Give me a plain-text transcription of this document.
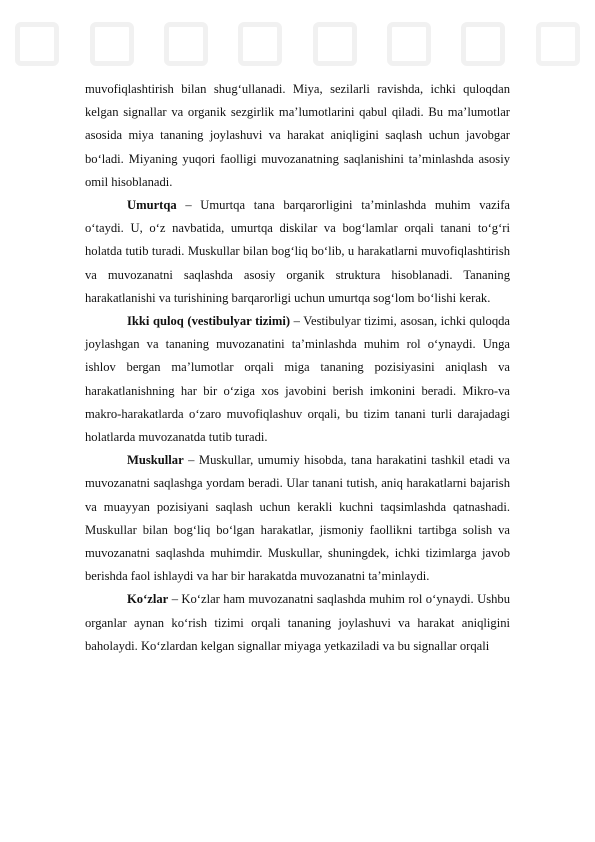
muvofiqlashtirish bilan shug‘ullanadi. Miya, sezilarli ravishda, ichki quloqdan kelgan signallar va organik sezgirlik ma’lumotlarini qabul qiladi. Bu ma’lumotlar asosida miya tananing joylashuvi va harakat aniqligini saqlash uchun javobgar bo‘ladi. Miyaning yuqori faolligi muvozanatning saqlanishini ta’minlashda asosiy omil hisoblanadi.

Umurtqa – Umurtqa tana barqarorligini ta’minlashda muhim vazifa o‘taydi. U, o‘z navbatida, umurtqa diskilar va bog‘lamlar orqali tanani to‘g‘ri holatda tutib turadi. Muskullar bilan bog‘liq bo‘lib, u harakatlarni muvofiqlashtirish va muvozanatni saqlashda asosiy organik struktura hisoblanadi. Tananing harakatlanishi va turishining barqarorligi uchun umurtqa sog‘lom bo‘lishi kerak.

Ikki quloq (vestibulyar tizimi) – Vestibulyar tizimi, asosan, ichki quloqda joylashgan va tananing muvozanatini ta’minlashda muhim rol o‘ynaydi. Unga ishlov bergan ma’lumotlar orqali miga tananing pozisiyasini aniqlash va harakatlanishning har bir o‘ziga xos javobini berish imkonini beradi. Mikro-va makro-harakatlarda o‘zaro muvofiqlashuv orqali, bu tizim tanani turli darajadagi holatlarda muvozanatda tutib turadi.

Muskullar – Muskullar, umumiy hisobda, tana harakatini tashkil etadi va muvozanatni saqlashga yordam beradi. Ular tanani tutish, aniq harakatlarni bajarish va muayyan pozisiyani saqlash uchun kerakli kuchni taqsimlashda qatnashadi. Muskullar bilan bog‘liq bo‘lgan harakatlar, jismoniy faollikni tartibga solish va muvozanatni saqlashda muhimdir. Muskullar, shuningdek, ichki tizimlarga javob berishda faol ishlaydi va har bir harakatda muvozanatni ta’minlaydi.

Ko‘zlar – Ko‘zlar ham muvozanatni saqlashda muhim rol o‘ynaydi. Ushbu organlar aynan ko‘rish tizimi orqali tananing joylashuvi va harakat aniqligini baholaydi. Ko‘zlardan kelgan signallar miyaga yetkaziladi va bu signallar orqali
